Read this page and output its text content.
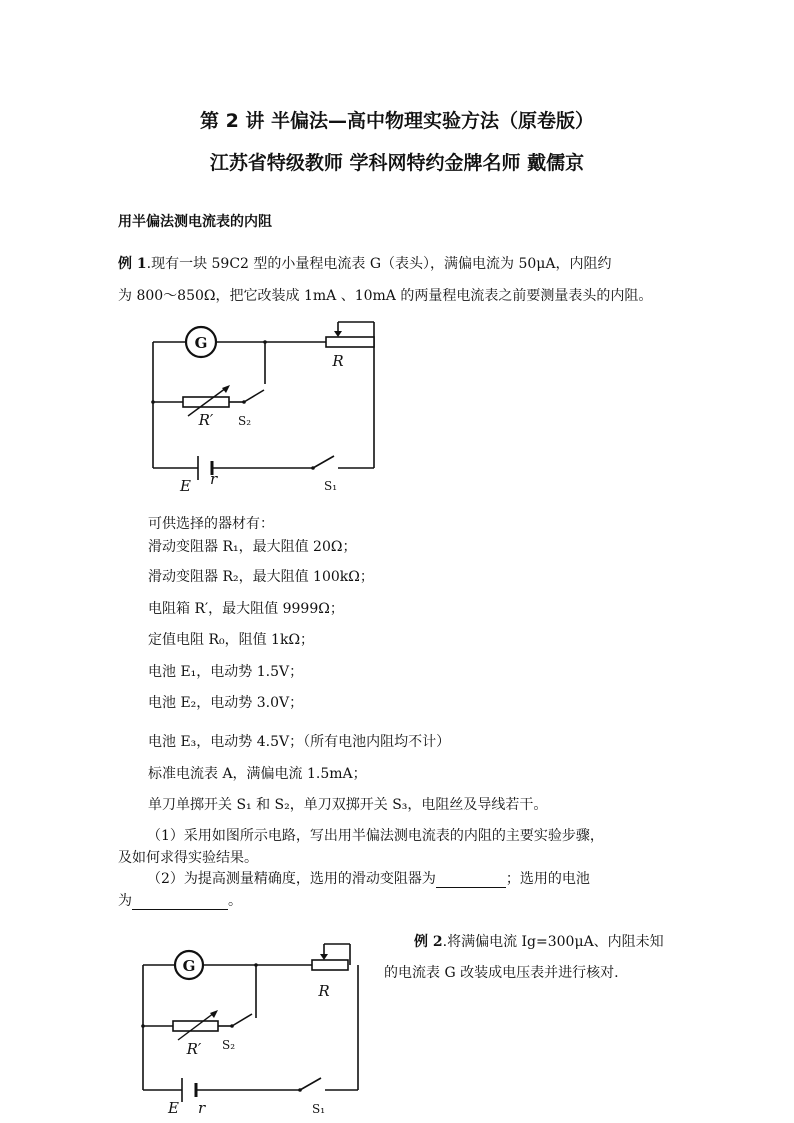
第 2 讲 半偏法—高中物理实验方法（原卷版）
江苏省特级教师 学科网特约金牌名师 戴儒京
用半偏法测电流表的内阻
例 1.现有一块 59C2 型的小量程电流表 G（表头），满偏电流为 50μA，内阻约
为 800～850Ω，把它改装成 1mA 、10mA 的两量程电流表之前要测量表头的内阻。
G
R
R′ S₂
E r	S₁
可供选择的器材有：
滑动变阻器 R₁，最大阻值 20Ω；
滑动变阻器 R₂，最大阻值 100kΩ；
电阻箱 R′，最大阻值 9999Ω；
定值电阻 R₀，阻值 1kΩ；
电池 E₁，电动势 1.5V；
电池 E₂，电动势 3.0V；
电池 E₃，电动势 4.5V；（所有电池内阻均不计）
标准电流表 A，满偏电流 1.5mA；
单刀单掷开关 S₁ 和 S₂，单刀双掷开关 S₃，电阻丝及导线若干。
（1）采用如图所示电路，写出用半偏法测电流表的内阻的主要实验步骤，
及如何求得实验结果。
（2）为提高测量精确度，选用的滑动变阻器为	；选用的电池
为	。
G
R
R′ S₂
E r	S₁
例 2.将满偏电流 Ig=300μA、内阻未知
的电流表 G 改装成电压表并进行核对.
